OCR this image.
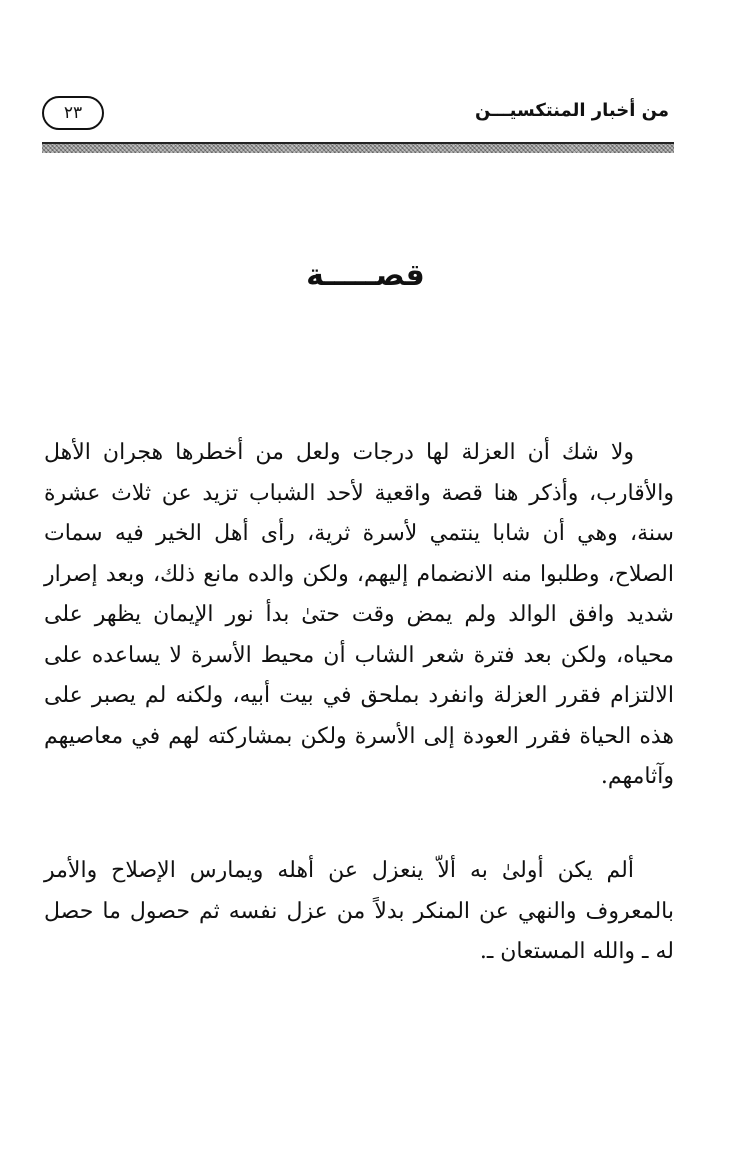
من أخبار المنتكسيـــن
٢٣
قصـــــة

ولا شك أن العزلة لها درجات ولعل من أخطرها هجران الأهل والأقارب، وأذكر هنا قصة واقعية لأحد الشباب تزيد عن ثلاث عشرة سنة، وهي أن شابا ينتمي لأسرة ثرية، رأى أهل الخير فيه سمات الصلاح، وطلبوا منه الانضمام إليهم، ولكن والده مانع ذلك، وبعد إصرار شديد وافق الوالد ولم يمض وقت حتىٰ بدأ نور الإيمان يظهر على محياه، ولكن بعد فترة شعر الشاب أن محيط الأسرة لا يساعده على الالتزام فقرر العزلة وانفرد بملحق في بيت أبيه، ولكنه لم يصبر على هذه الحياة فقرر العودة إلى الأسرة ولكن بمشاركته لهم في معاصيهم وآثامهم.

ألم يكن أولىٰ به ألاّ ينعزل عن أهله ويمارس الإصلاح والأمر بالمعروف والنهي عن المنكر بدلاً من عزل نفسه ثم حصول ما حصل له ـ والله المستعان ـ.
